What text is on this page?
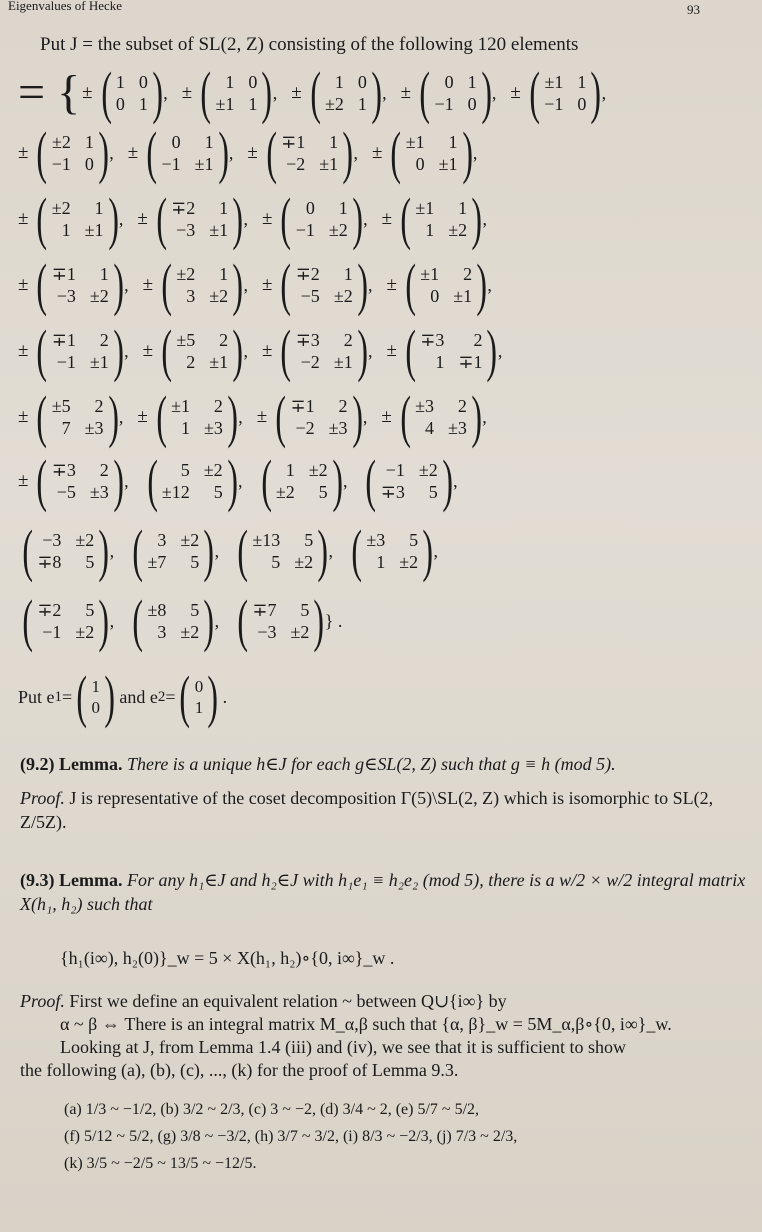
Eigenvalues of Hecke	93
Put J = the subset of SL(2, Z) consisting of the following 120 elements
= { ± ( 1 0
0 1 ) , ± ( 1 0
±1 1 ) , ± ( 1 0
±2 1 ) , ± ( 0 1
−1 0 ) , ± ( ±1 1
−1 0 ) ,
± ( ±2 1
−1 0 ) , ± ( 0	1
−1 ±1 ) , ± ( ∓1	1
−2 ±1 ) , ± ( ±1	1
0 ±1 ) ,
± ( ±2	1
1 ±1 ) , ± ( ∓2	1
−3 ±1 ) , ± ( 0	1
−1 ±2 ) , ± ( ±1	1
1 ±2 ) ,
± ( ∓1	1
−3 ±2 ) , ± ( ±2	1
3 ±2 ) , ± ( ∓2	1
−5 ±2 ) , ± ( ±1	2
0 ±1 ) ,
± ( ∓1	2
−1 ±1 ) , ± ( ±5	2
2 ±1 ) , ± ( ∓3	2
−2 ±1 ) , ± ( ∓3	2
1 ∓1 ) ,
± ( ±5	2
7 ±3 ) , ± ( ±1	2
1 ±3 ) , ± ( ∓1	2
−2 ±3 ) , ± ( ±3	2
4 ±3 ) ,
± ( ∓3	2
−5 ±3 ) , (	5 ±2
±12	5 ) , ( 1 ±2
±2	5 ) , ( −1 ±2
∓3	5 ) ,
( −3 ±2
∓8	5 ) , ( 3 ±2
±7	5 ) , ( ±13	5
5 ±2 ) , ( ±3	5
1 ±2 ) ,
( ∓2	5
−1 ±2 ) , ( ±8	5
3 ±2 ) , ( ∓7	5
−3 ±2 ) } .
Put e 1 = ( 1
0 ) and e 2 = ( 0
1 ) .
(9.2) Lemma. There is a unique h∈J for each g∈SL(2, Z) such that g ≡ h (mod 5).
Proof. J is representative of the coset decomposition Γ(5)\SL(2, Z) which is isomorphic to SL(2, Z/5Z).
(9.3) Lemma. For any h₁∈J and h₂∈J with h₁e₁ ≡ h₂e₂ (mod 5), there is a w/2 × w/2 integral matrix X(h₁, h₂) such that
{h₁(i∞), h₂(0)}_w = 5 × X(h₁, h₂)∘{0, i∞}_w .
Proof. First we define an equivalent relation ~ between Q∪{i∞} by
α ~ β ⇔ There is an integral matrix M_α,β such that {α, β}_w = 5M_α,β∘{0, i∞}_w.
Looking at J, from Lemma 1.4 (iii) and (iv), we see that it is sufficient to show
the following (a), (b), (c), ..., (k) for the proof of Lemma 9.3.
(a) 1/3 ~ −1/2, (b) 3/2 ~ 2/3, (c) 3 ~ −2, (d) 3/4 ~ 2, (e) 5/7 ~ 5/2,
(f) 5/12 ~ 5/2, (g) 3/8 ~ −3/2, (h) 3/7 ~ 3/2, (i) 8/3 ~ −2/3, (j) 7/3 ~ 2/3,
(k) 3/5 ~ −2/5 ~ 13/5 ~ −12/5.
